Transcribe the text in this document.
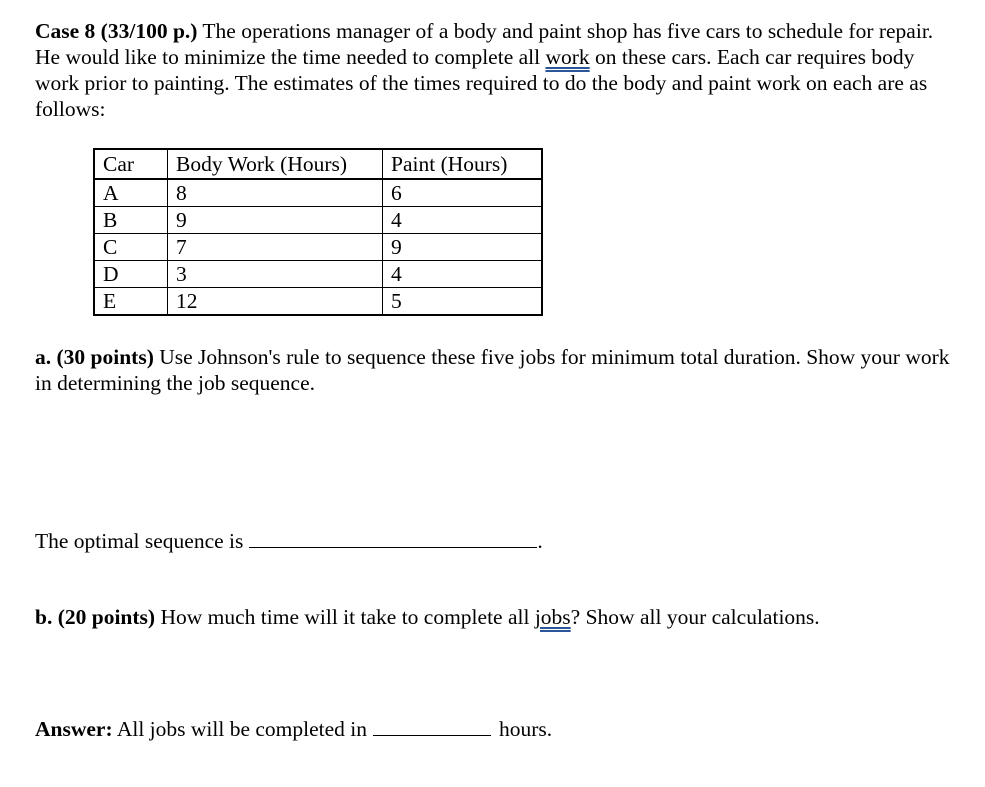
Case 8 (33/100 p.) The operations manager of a body and paint shop has five cars to schedule for repair. He would like to minimize the time needed to complete all work on these cars. Each car requires body work prior to painting. The estimates of the times required to do the body and paint work on each are as follows:

Car	Body Work (Hours)	Paint (Hours)
A	8	6
B	9	4
C	7	9
D	3	4
E	12	5

a. (30 points) Use Johnson's rule to sequence these five jobs for minimum total duration. Show your work in determining the job sequence.

The optimal sequence is	.

b. (20 points) How much time will it take to complete all jobs? Show all your calculations.

Answer: All jobs will be completed in	hours.
